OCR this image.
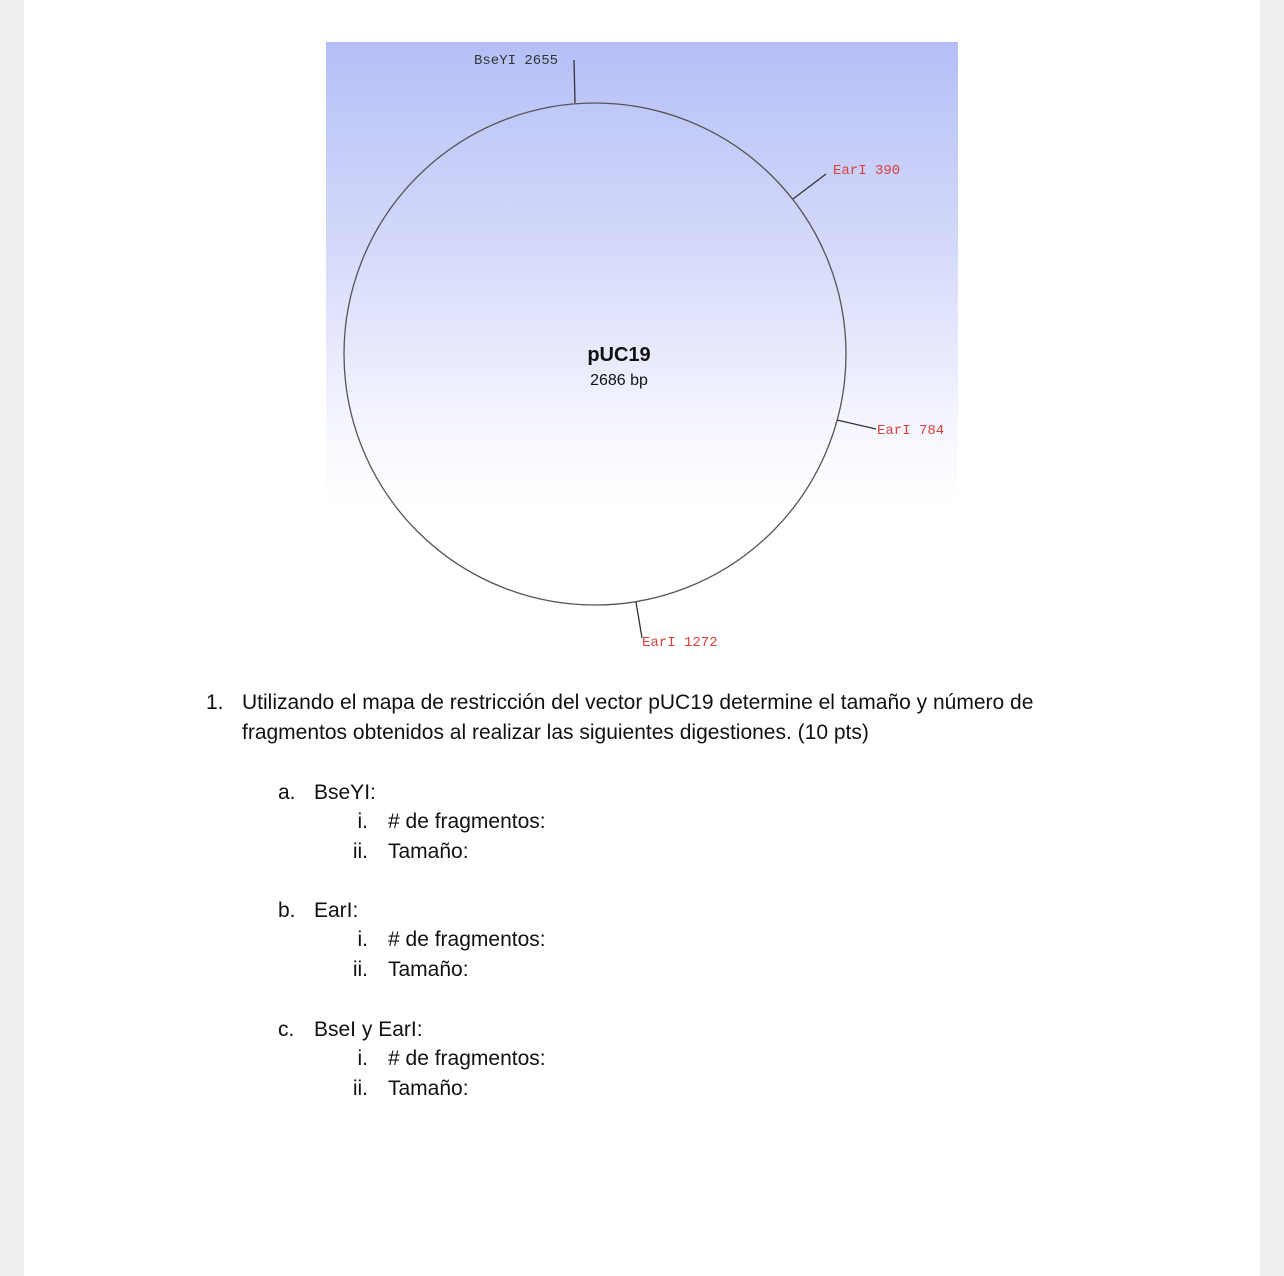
BseYI 2655
EarI 390
EarI 784
EarI 1272
pUC19
2686 bp
1. Utilizando el mapa de restricción del vector pUC19 determine el tamaño y número de fragmentos obtenidos al realizar las siguientes digestiones. (10 pts)
a. BseYI:
i. # de fragmentos:
ii. Tamaño:
b. EarI:
i. # de fragmentos:
ii. Tamaño:
c. BseI y EarI:
i. # de fragmentos:
ii. Tamaño:
